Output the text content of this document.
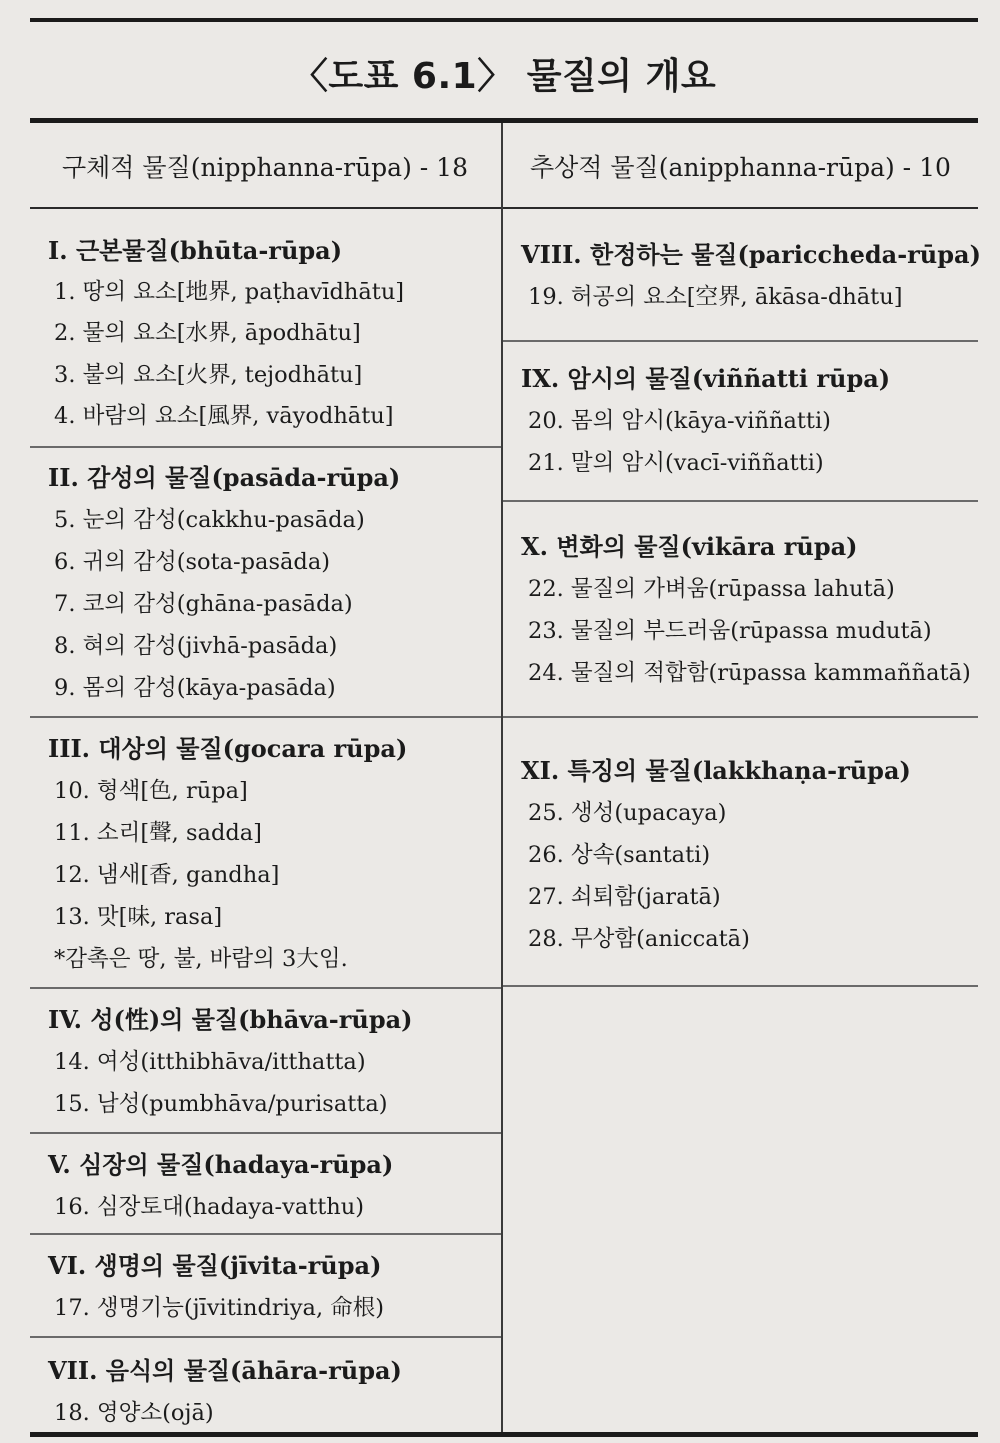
〈도표 6.1〉 물질의 개요
구체적 물질(nipphanna-rūpa) - 18 추상적 물질(anipphanna-rūpa) - 10
I. 근본물질(bhūta-rūpa)
1. 땅의 요소[地界, paṭhavīdhātu]
2. 물의 요소[水界, āpodhātu]
3. 불의 요소[火界, tejodhātu]
4. 바람의 요소[風界, vāyodhātu]
II. 감성의 물질(pasāda-rūpa)
5. 눈의 감성(cakkhu-pasāda)
6. 귀의 감성(sota-pasāda)
7. 코의 감성(ghāna-pasāda)
8. 혀의 감성(jivhā-pasāda)
9. 몸의 감성(kāya-pasāda)
III. 대상의 물질(gocara rūpa)
10. 형색[色, rūpa]
11. 소리[聲, sadda]
12. 냄새[香, gandha]
13. 맛[味, rasa]
*감촉은 땅, 불, 바람의 3大임.
IV. 성(性)의 물질(bhāva-rūpa)
14. 여성(itthibhāva/itthatta)
15. 남성(pumbhāva/purisatta)
V. 심장의 물질(hadaya-rūpa)
16. 심장토대(hadaya-vatthu)
VI. 생명의 물질(jīvita-rūpa)
17. 생명기능(jīvitindriya, 命根)
VII. 음식의 물질(āhāra-rūpa)
18. 영양소(ojā)
VIII. 한정하는 물질(paricchedа-rūpa)
19. 허공의 요소[空界, ākāsa-dhātu]
IX. 암시의 물질(viññatti rūpa)
20. 몸의 암시(kāya-viññatti)
21. 말의 암시(vacī-viññatti)
X. 변화의 물질(vikāra rūpa)
22. 물질의 가벼움(rūpassa lahutā)
23. 물질의 부드러움(rūpassa mudutā)
24. 물질의 적합함(rūpassa kammaññatā)
XI. 특징의 물질(lakkhaṇa-rūpa)
25. 생성(upacaya)
26. 상속(santati)
27. 쇠퇴함(jaratā)
28. 무상함(aniccatā)
